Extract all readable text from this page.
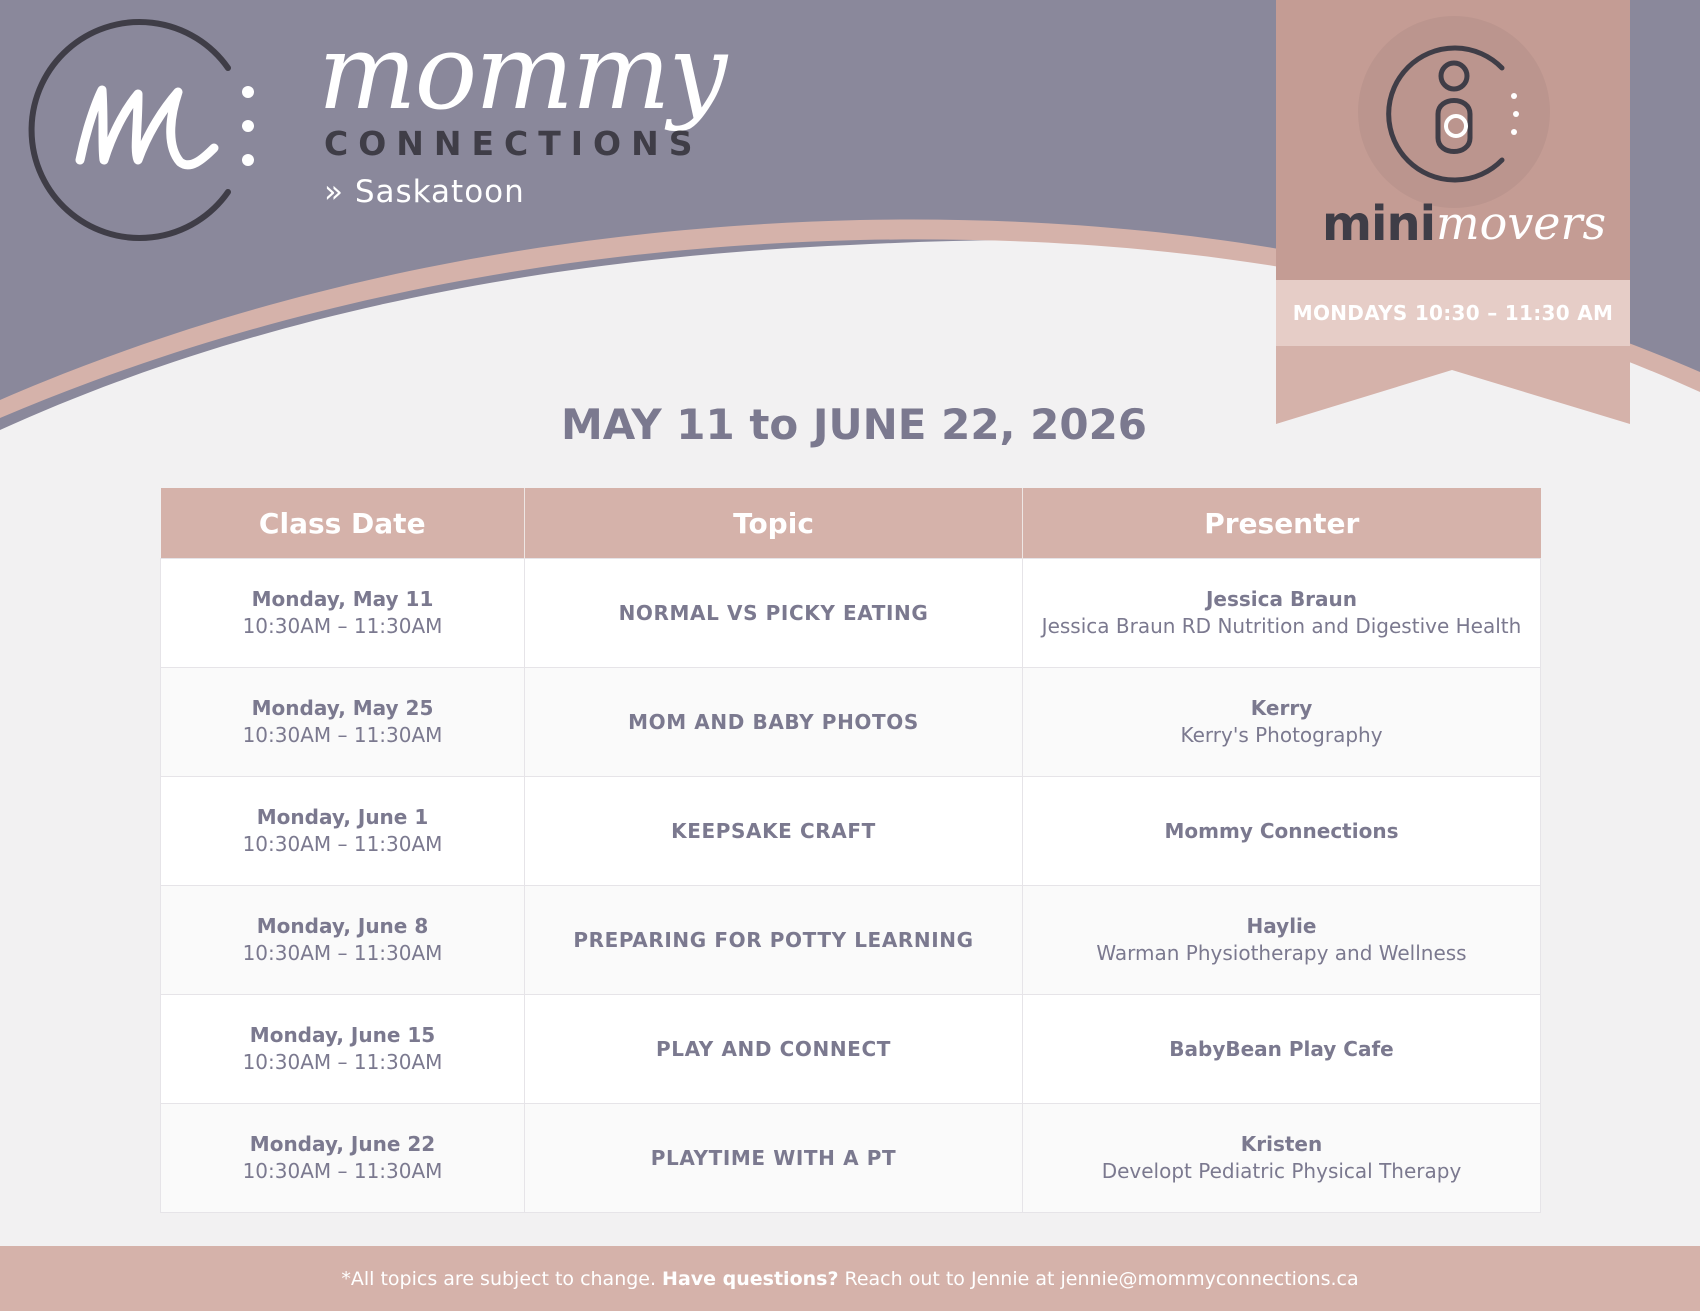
mommy
CONNECTIONS
» Saskatoon
mini movers
MONDAYS 10:30 – 11:30 AM
MAY 11 to JUNE 22, 2026
Class Date	Topic	Presenter

Monday, May 11
10:30AM – 11:30AM	NORMAL VS PICKY EATING	Jessica Braun
Jessica Braun RD Nutrition and Digestive Health

Monday, May 25
10:30AM – 11:30AM	MOM AND BABY PHOTOS	Kerry
Kerry's Photography

Monday, June 1
10:30AM – 11:30AM	KEEPSAKE CRAFT	Mommy Connections

Monday, June 8
10:30AM – 11:30AM	PREPARING FOR POTTY LEARNING	Haylie
Warman Physiotherapy and Wellness

Monday, June 15
10:30AM – 11:30AM	PLAY AND CONNECT	BabyBean Play Cafe

Monday, June 22
10:30AM – 11:30AM	PLAYTIME WITH A PT	Kristen
Developt Pediatric Physical Therapy
*All topics are subject to change. Have questions? Reach out to Jennie at jennie@mommyconnections.ca
